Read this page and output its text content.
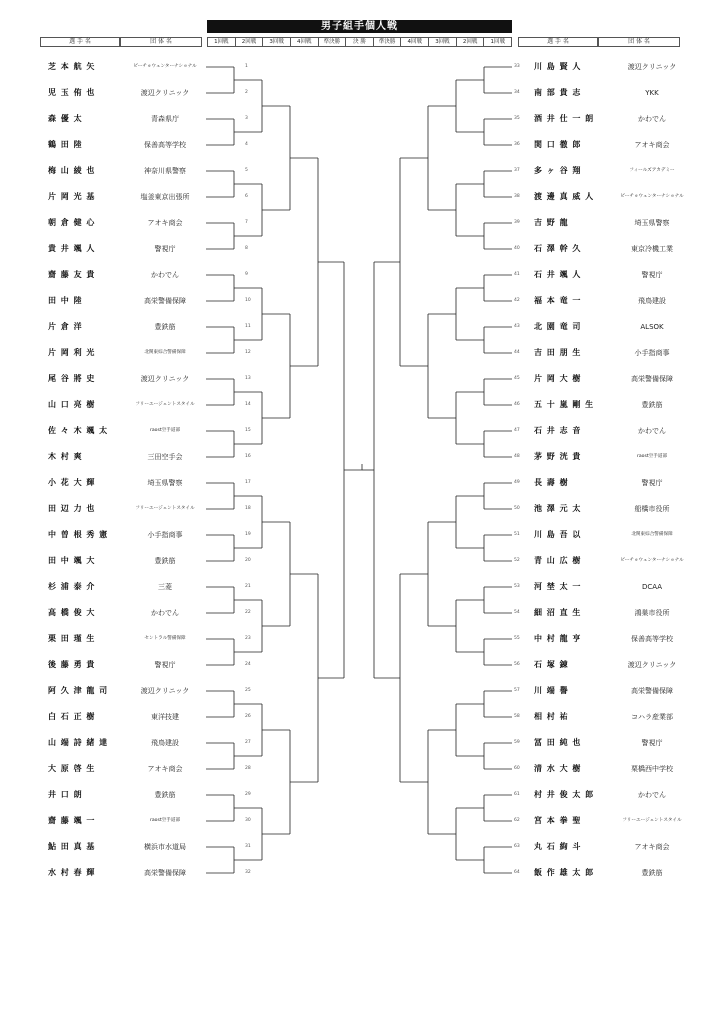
男子組手個人戦
選 手 名	団 体 名	1回戦	2回戦	3回戦	4回戦	準決勝	決 勝	準決勝	4回戦	3回戦	2回戦	1回戦	選 手 名	団 体 名
芝 本 航 矢	ビーチョウェンターナショナル	1
児 玉 侑 也	渡辺クリニック	2
森 優 太	青森県庁	3
鶴 田 陸	保善高等学校	4
梅 山 綾 也	神奈川県警察	5
片 岡 光 基	塩釜東京出張所	6
朝 倉 健 心	アオキ商会	7
貴 井 颯 人	警視庁	8
齋 藤 友 貴	かわでん	9
田 中 陸	高栄警備保障	10
片 倉 洋	豊鉄筋	11
片 岡 利 光	北関東綜合警備保障	12
尾 谷 將 史	渡辺クリニック	13
山 口 亮 樹	フリーエージェントスタイル	14
佐 々 木 颯 太	raost空手道部	15
木 村 爽	三田空手会	16
小 花 大 輝	埼玉県警察	17
田 辺 力 也	フリーエージェントスタイル	18
中 曽 根 秀 憲	小手指商事	19
田 中 颯 大	豊鉄筋	20
杉 浦 泰 介	三菱	21
高 橋 俊 大	かわでん	22
栗 田 瑾 生	セントラル警備保障	23
後 藤 勇 貴	警視庁	24
阿 久 津 龍 司	渡辺クリニック	25
白 石 正 樹	東洋技建	26
山 端 詩 緒 達	飛鳥建設	27
大 原 啓 生	アオキ商会	28
井 口 朗	豊鉄筋	29
齋 藤 颯 一	raost空手道部	30
鮎 田 真 基	横浜市水道局	31
水 村 春 輝	高栄警備保障	32
川 島 賢 人	渡辺クリニック
33
南 部 貴 志	YKK
34
酒 井 仕 一 朗	かわでん
35
関 口 徹 郎	アオキ商会
36
多 ヶ 谷 翔	フィールズアカデミー
37
渡 邊 真 威 人	ビーチョウェンターナショナル
38
吉 野 龍	埼玉県警察
39
石 澤 幹 久	東京冷機工業
40
石 井 颯 人	警視庁
41
福 本 竜 一	飛鳥建設
42
北 園 竜 司	ALSOK
43
吉 田 朋 生	小手指商事
44
片 岡 大 樹	高栄警備保障
45
五 十 嵐 剛 生	豊鉄筋
46
石 井 志 音	かわでん
47
茅 野 洸 貴	raost空手道部
48
長 壽 樹	警視庁
49
池 澤 元 太	船橋市役所
50
川 島 吾 以	北関東綜合警備保障
51
青 山 広 樹	ビーチョウェンターナショナル
52
河 埜 太 一	DCAA
53
細 沼 直 生	鴻巣市役所
54
中 村 龍 亨	保善高等学校
55
石 塚 錬	渡辺クリニック
56
川 端 譽	高栄警備保障
57
相 村 祐	コハラ産業部
58
冨 田 純 也	警視庁
59
清 水 大 樹	栗橋西中学校
60
村 井 俊 太 郎	かわでん
61
宮 本 拳 聖	フリーエージェントスタイル
62
丸 石 絢 斗	アオキ商会
63
飯 作 雄 太 郎	豊鉄筋
64
